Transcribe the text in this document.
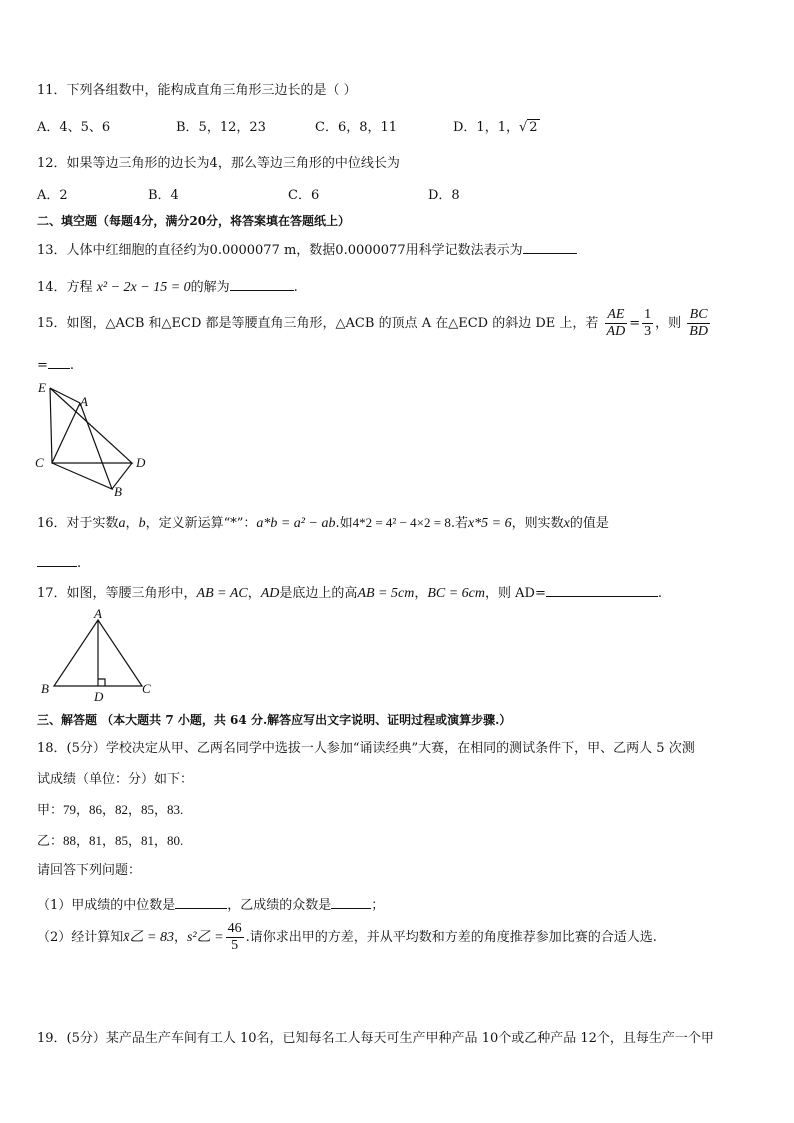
11．下列各组数中，能构成直角三角形三边长的是（ ）
A．4、5、6	B．5，12，23	C．6，8，11	D．1，1，√ 2
12．如果等边三角形的边长为4，那么等边三角形的中位线长为
A．2	B．4	C．6	D．8
二、填空题（每题4分，满分20分，将答案填在答题纸上）
13．人体中红细胞的直径约为0.0000077 m，数据0.0000077用科学记数法表示为
14．方程 x² − 2x − 15 = 0的解为	.
15．如图，△ACB 和△ECD 都是等腰直角三角形，△ACB 的顶点 A 在△ECD 的斜边 DE 上，若 $\frac{AE}{AD} = \frac{1}{3}$ ，则 $\frac{BC}{BD}$
= .
E
A
C	D
B
16．对于实数a，b，定义新运算“*”：a*b = a² − ab.如4*2 = 4² − 4×2 = 8.若x*5 = 6，则实数x的值是
.
17．如图，等腰三角形中，AB = AC，AD是底边上的高AB = 5cm，BC = 6cm，则 AD=	.
A
B
D
C
三、解答题 （本大题共 7 小题，共 64 分.解答应写出文字说明、证明过程或演算步骤.）
18．(5分）学校决定从甲、乙两名同学中选拔一人参加“诵读经典”大赛，在相同的测试条件下，甲、乙两人 5 次测
试成绩（单位：分）如下：
甲：79，86，82，85，83.
乙：88，81，85，81，80.
请回答下列问题：
（1）甲成绩的中位数是	，乙成绩的众数是	；
（2）经计算知x̄乙 = 83，s²乙 = $\frac{46}{5}$ .请你求出甲的方差，并从平均数和方差的角度推荐参加比赛的合适人选.
19．(5分）某产品生产车间有工人 10名，已知每名工人每天可生产甲种产品 10个或乙种产品 12个，且每生产一个甲
